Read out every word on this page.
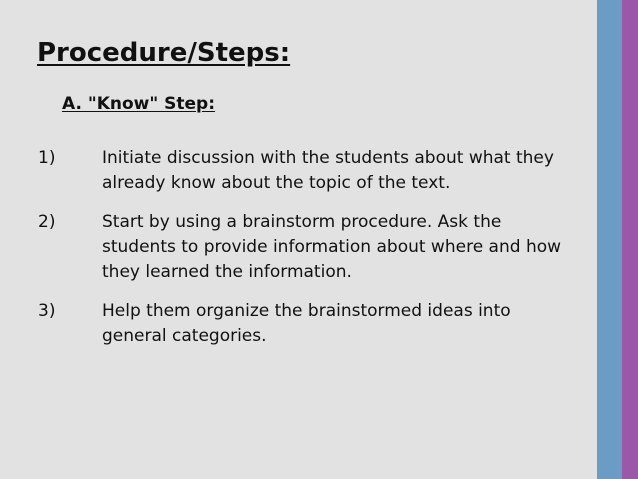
Procedure/Steps:
A. "Know" Step:
1)	Initiate discussion with the students about what they already know about the topic of the text.
2)	Start by using a brainstorm procedure. Ask the students to provide information about where and how they learned the information.
3)	Help them organize the brainstormed ideas into general categories.
